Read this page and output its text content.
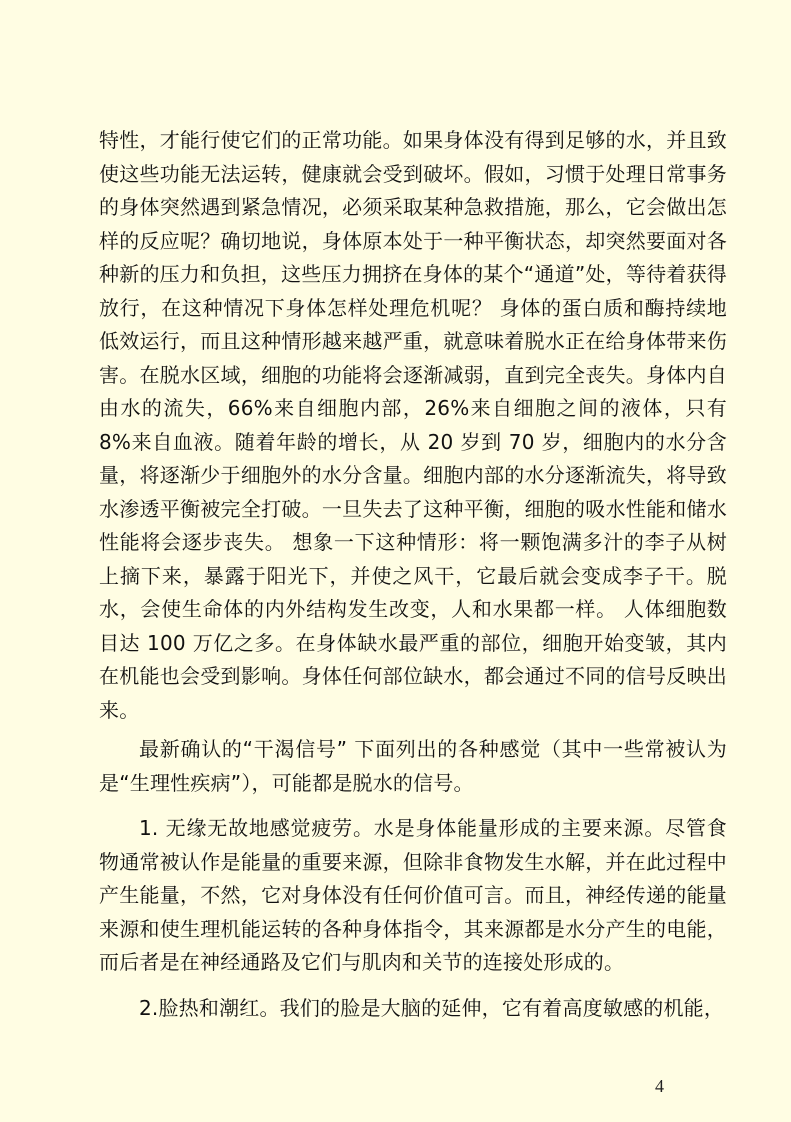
特性，才能行使它们的正常功能。如果身体没有得到足够的水，并且致使这些功能无法运转，健康就会受到破坏。假如，习惯于处理日常事务的身体突然遇到紧急情况，必须采取某种急救措施，那么，它会做出怎样的反应呢？确切地说，身体原本处于一种平衡状态，却突然要面对各种新的压力和负担，这些压力拥挤在身体的某个“通道”处，等待着获得放行，在这种情况下身体怎样处理危机呢？ 身体的蛋白质和酶持续地低效运行，而且这种情形越来越严重，就意味着脱水正在给身体带来伤害。在脱水区域，细胞的功能将会逐渐减弱，直到完全丧失。身体内自由水的流失，66%来自细胞内部，26%来自细胞之间的液体，只有 8%来自血液。随着年龄的增长，从 20 岁到 70 岁，细胞内的水分含量，将逐渐少于细胞外的水分含量。细胞内部的水分逐渐流失，将导致水渗透平衡被完全打破。一旦失去了这种平衡，细胞的吸水性能和储水性能将会逐步丧失。 想象一下这种情形：将一颗饱满多汁的李子从树上摘下来，暴露于阳光下，并使之风干，它最后就会变成李子干。脱水，会使生命体的内外结构发生改变，人和水果都一样。 人体细胞数目达 100 万亿之多。在身体缺水最严重的部位，细胞开始变皱，其内在机能也会受到影响。身体任何部位缺水，都会通过不同的信号反映出来。

最新确认的“干渴信号” 下面列出的各种感觉（其中一些常被认为是“生理性疾病”），可能都是脱水的信号。

1. 无缘无故地感觉疲劳。水是身体能量形成的主要来源。尽管食物通常被认作是能量的重要来源，但除非食物发生水解，并在此过程中产生能量，不然，它对身体没有任何价值可言。而且，神经传递的能量来源和使生理机能运转的各种身体指令，其来源都是水分产生的电能，而后者是在神经通路及它们与肌肉和关节的连接处形成的。

2.脸热和潮红。我们的脸是大脑的延伸，它有着高度敏感的机能，

4
